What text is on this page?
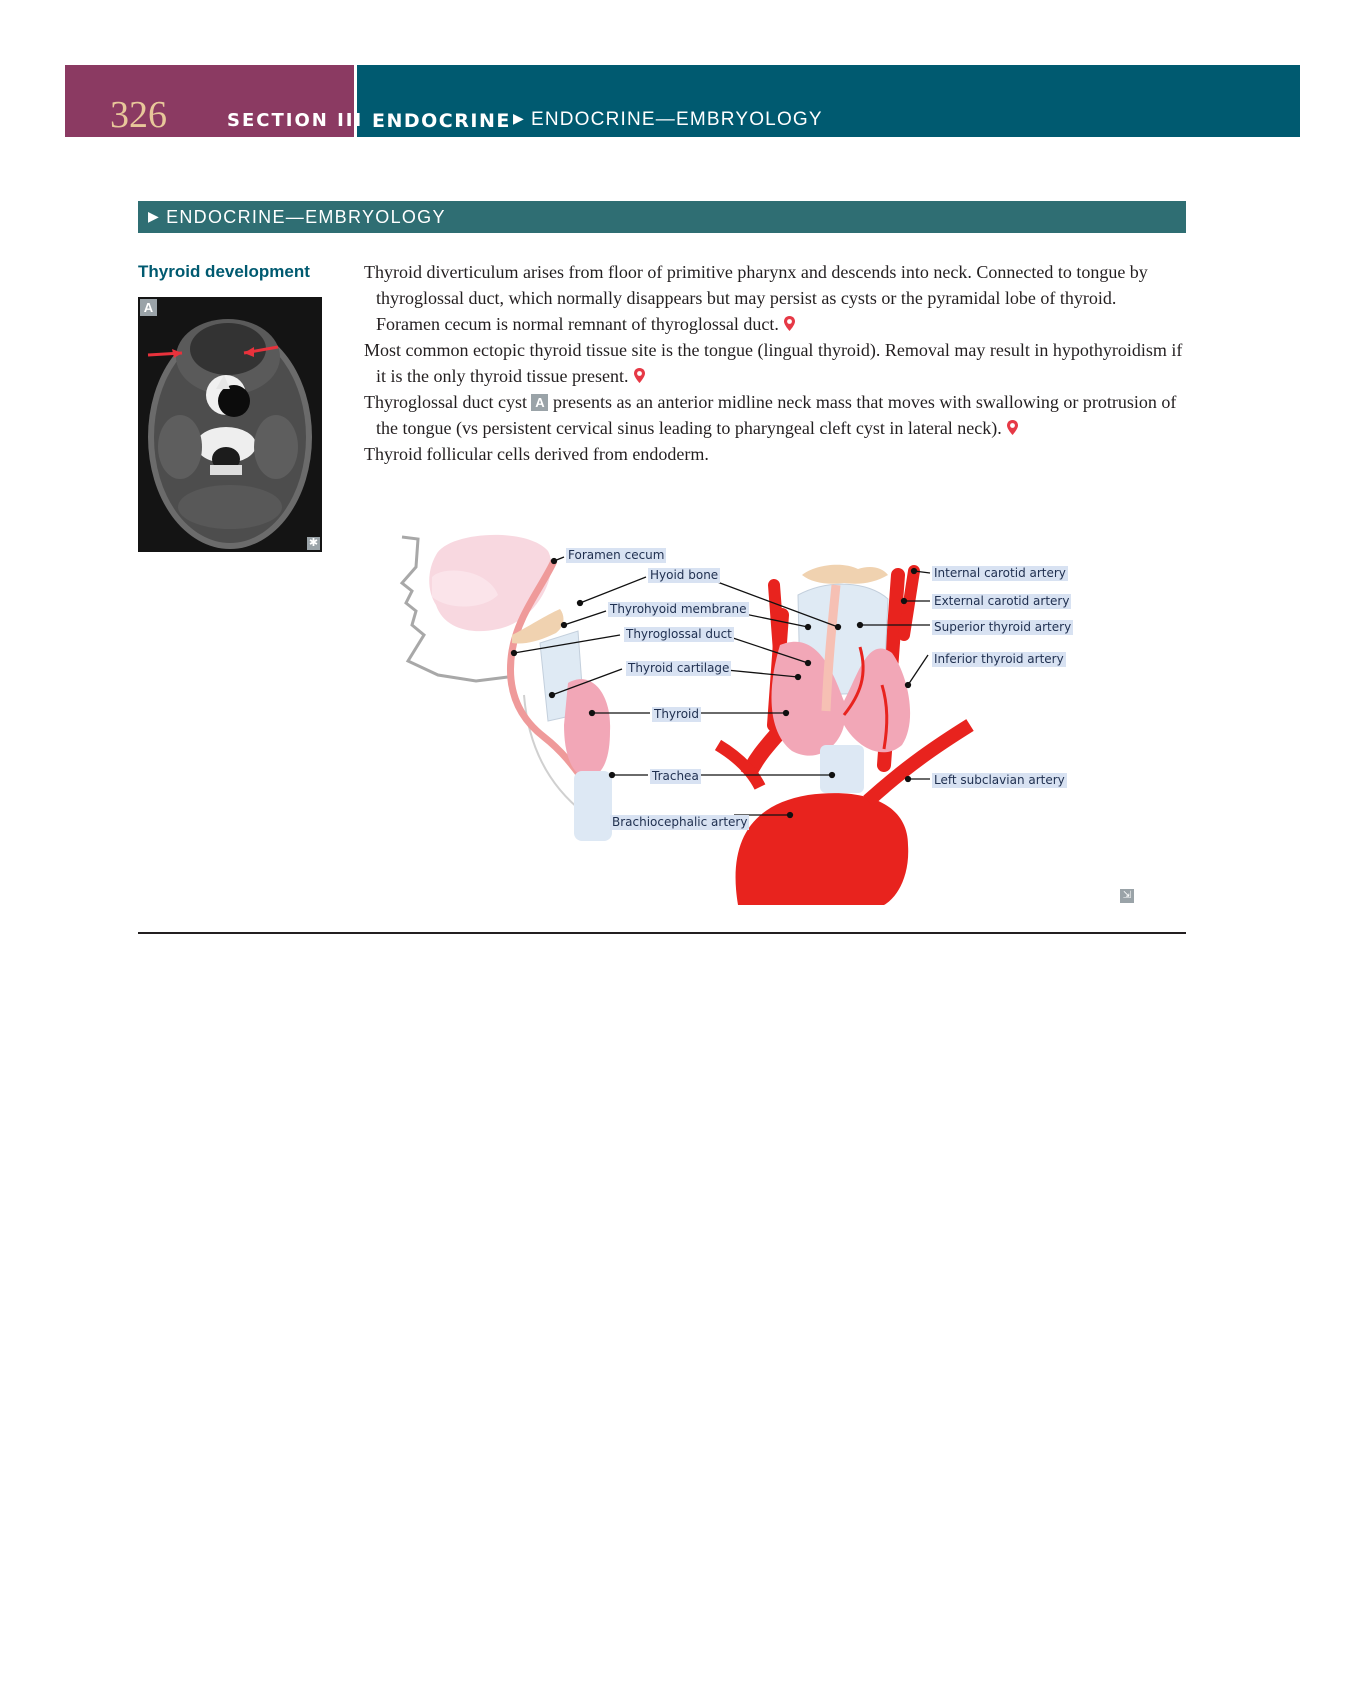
326	SECTION III ENDOCRINE ▶ ENDOCRINE—EMBRYOLOGY
▶ ENDOCRINE—EMBRYOLOGY
Thyroid development
A
✱

Thyroid diverticulum arises from floor of primitive pharynx and descends into neck. Connected to tongue by thyroglossal duct, which normally disappears but may persist as cysts or the pyramidal lobe of thyroid. Foramen cecum is normal remnant of thyroglossal duct.

Most common ectopic thyroid tissue site is the tongue (lingual thyroid). Removal may result in hypothyroidism if it is the only thyroid tissue present.

Thyroglossal duct cyst A presents as an anterior midline neck mass that moves with swallowing or protrusion of the tongue (vs persistent cervical sinus leading to pharyngeal cleft cyst in lateral neck).

Thyroid follicular cells derived from endoderm.

Foramen cecum
Hyoid bone
Thyrohyoid membrane
Thyroglossal duct
Thyroid cartilage
Thyroid
Trachea
Brachiocephalic artery
Internal carotid artery
External carotid artery
Superior thyroid artery
Inferior thyroid artery
Left subclavian artery
⇲
